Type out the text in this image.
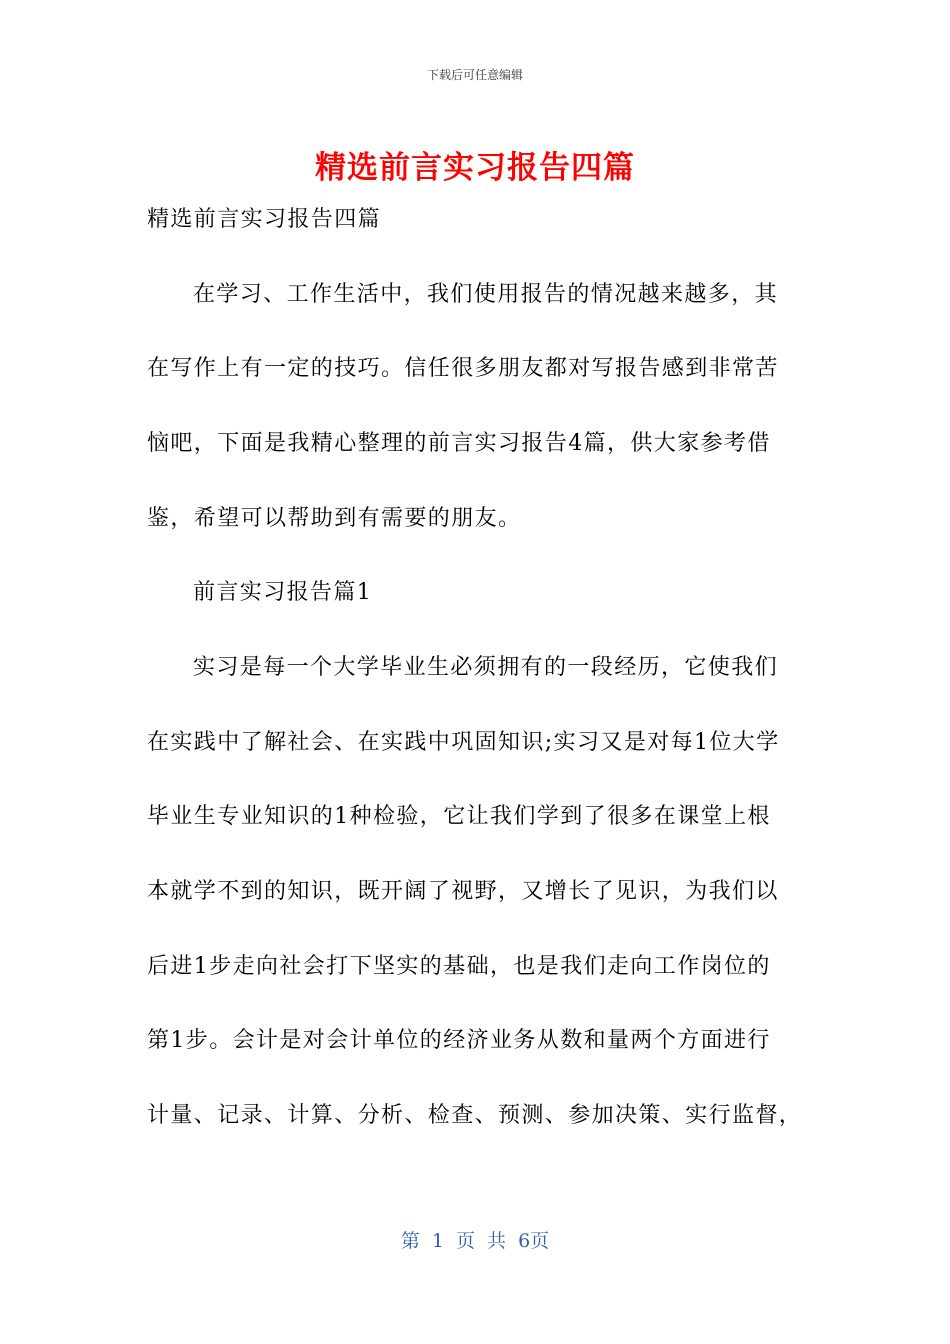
下载后可任意编辑
精选前言实习报告四篇
精选前言实习报告四篇
在学习、工作生活中，我们使用报告的情况越来越多，其
在写作上有一定的技巧。信任很多朋友都对写报告感到非常苦
恼吧，下面是我精心整理的前言实习报告4篇，供大家参考借
鉴，希望可以帮助到有需要的朋友。
前言实习报告篇1
实习是每一个大学毕业生必须拥有的一段经历，它使我们
在实践中了解社会、在实践中巩固知识;实习又是对每1位大学
毕业生专业知识的1种检验，它让我们学到了很多在课堂上根
本就学不到的知识，既开阔了视野，又增长了见识，为我们以
后进1步走向社会打下坚实的基础，也是我们走向工作岗位的
第1步。会计是对会计单位的经济业务从数和量两个方面进行
计量、记录、计算、分析、检查、预测、参加决策、实行监督，
第 1 页 共 6页
